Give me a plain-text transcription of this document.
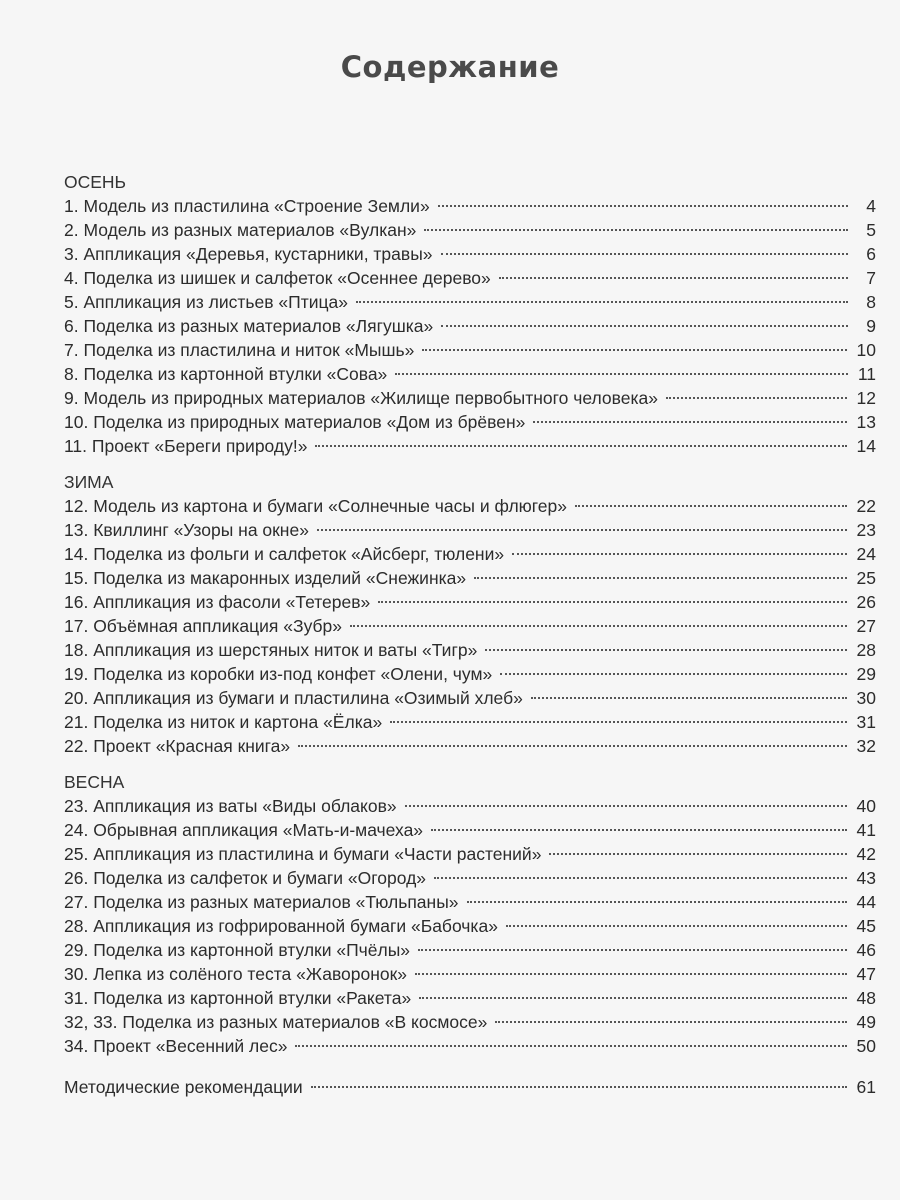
Содержание
ОСЕНЬ
1. Модель из пластилина «Строение Земли»	4
2. Модель из разных материалов «Вулкан»	5
3. Аппликация «Деревья, кустарники, травы»	6
4. Поделка из шишек и салфеток «Осеннее дерево»	7
5. Аппликация из листьев «Птица»	8
6. Поделка из разных материалов «Лягушка»	9
7. Поделка из пластилина и ниток «Мышь»	10
8. Поделка из картонной втулки «Сова»	11
9. Модель из природных материалов «Жилище первобытного человека»	12
10. Поделка из природных материалов «Дом из брёвен»	13
11. Проект «Береги природу!»	14
ЗИМА
12. Модель из картона и бумаги «Солнечные часы и флюгер»	22
13. Квиллинг «Узоры на окне»	23
14. Поделка из фольги и салфеток «Айсберг, тюлени»	24
15. Поделка из макаронных изделий «Снежинка»	25
16. Аппликация из фасоли «Тетерев»	26
17. Объёмная аппликация «Зубр»	27
18. Аппликация из шерстяных ниток и ваты «Тигр»	28
19. Поделка из коробки из-под конфет «Олени, чум»	29
20. Аппликация из бумаги и пластилина «Озимый хлеб»	30
21. Поделка из ниток и картона «Ёлка»	31
22. Проект «Красная книга»	32
ВЕСНА
23. Аппликация из ваты «Виды облаков»	40
24. Обрывная аппликация «Мать-и-мачеха»	41
25. Аппликация из пластилина и бумаги «Части растений»	42
26. Поделка из салфеток и бумаги «Огород»	43
27. Поделка из разных материалов «Тюльпаны»	44
28. Аппликация из гофрированной бумаги «Бабочка»	45
29. Поделка из картонной втулки «Пчёлы»	46
30. Лепка из солёного теста «Жаворонок»	47
31. Поделка из картонной втулки «Ракета»	48
32, 33. Поделка из разных материалов «В космосе»	49
34. Проект «Весенний лес»	50
Методические рекомендации	61
